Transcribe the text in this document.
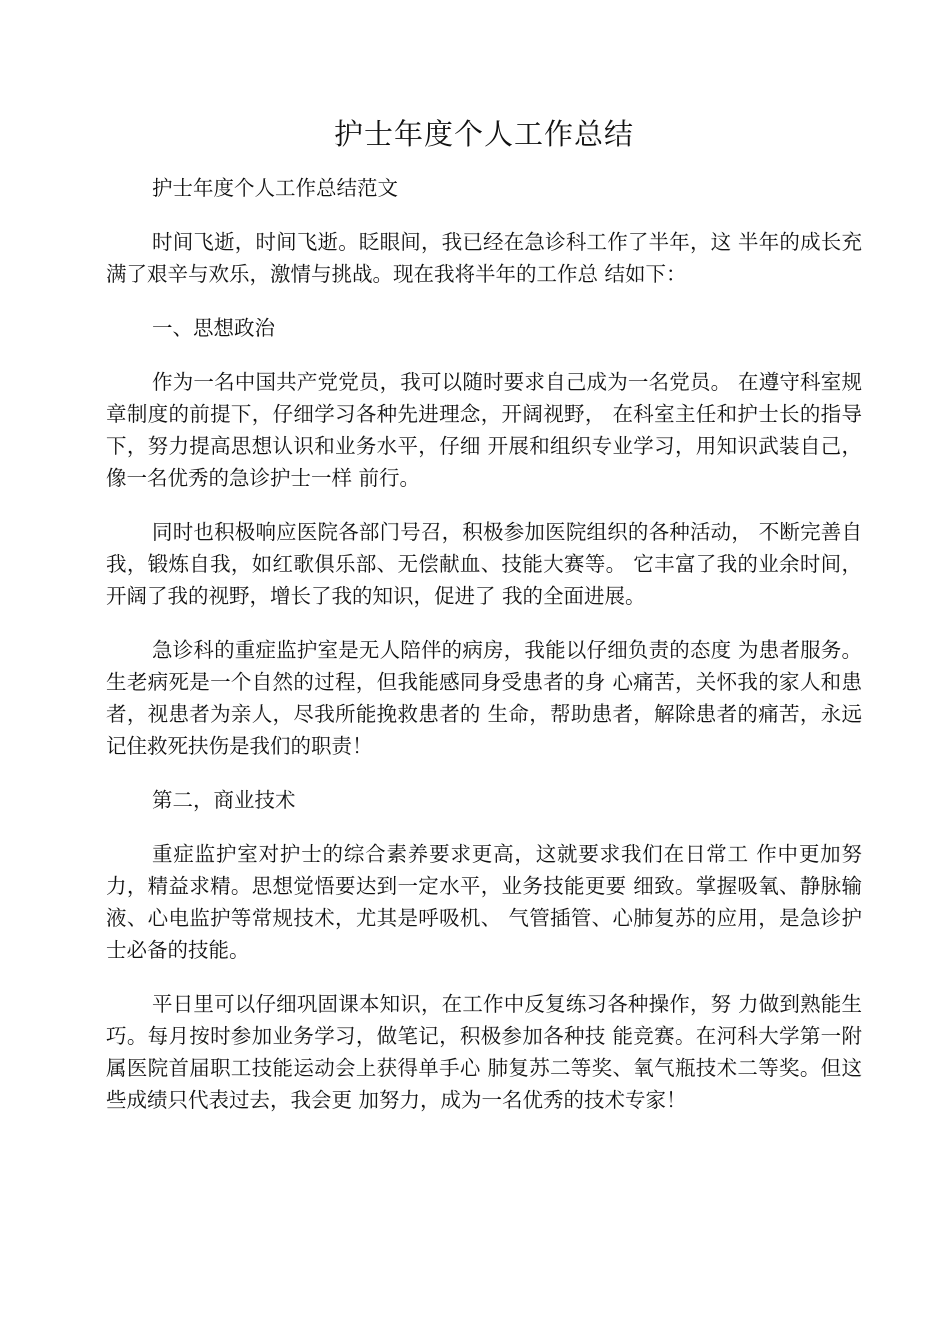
护士年度个人工作总结

护士年度个人工作总结范文

时间飞逝，时间飞逝。眨眼间，我已经在急诊科工作了半年，这 半年的成长充满了艰辛与欢乐，激情与挑战。现在我将半年的工作总 结如下：

一、思想政治

作为一名中国共产党党员，我可以随时要求自己成为一名党员。 在遵守科室规章制度的前提下，仔细学习各种先进理念，开阔视野， 在科室主任和护士长的指导下，努力提高思想认识和业务水平，仔细 开展和组织专业学习，用知识武装自己，像一名优秀的急诊护士一样 前行。

同时也积极响应医院各部门号召，积极参加医院组织的各种活动， 不断完善自我，锻炼自我，如红歌俱乐部、无偿献血、技能大赛等。 它丰富了我的业余时间，开阔了我的视野，增长了我的知识，促进了 我的全面进展。

急诊科的重症监护室是无人陪伴的病房，我能以仔细负责的态度 为患者服务。生老病死是一个自然的过程，但我能感同身受患者的身 心痛苦，关怀我的家人和患者，视患者为亲人，尽我所能挽救患者的 生命，帮助患者，解除患者的痛苦，永远记住救死扶伤是我们的职责！

第二，商业技术

重症监护室对护士的综合素养要求更高，这就要求我们在日常工 作中更加努力，精益求精。思想觉悟要达到一定水平，业务技能更要 细致。掌握吸氧、静脉输液、心电监护等常规技术，尤其是呼吸机、 气管插管、心肺复苏的应用，是急诊护士必备的技能。

平日里可以仔细巩固课本知识，在工作中反复练习各种操作，努 力做到熟能生巧。每月按时参加业务学习，做笔记，积极参加各种技 能竞赛。在河科大学第一附属医院首届职工技能运动会上获得单手心 肺复苏二等奖、氧气瓶技术二等奖。但这些成绩只代表过去，我会更 加努力，成为一名优秀的技术专家！
